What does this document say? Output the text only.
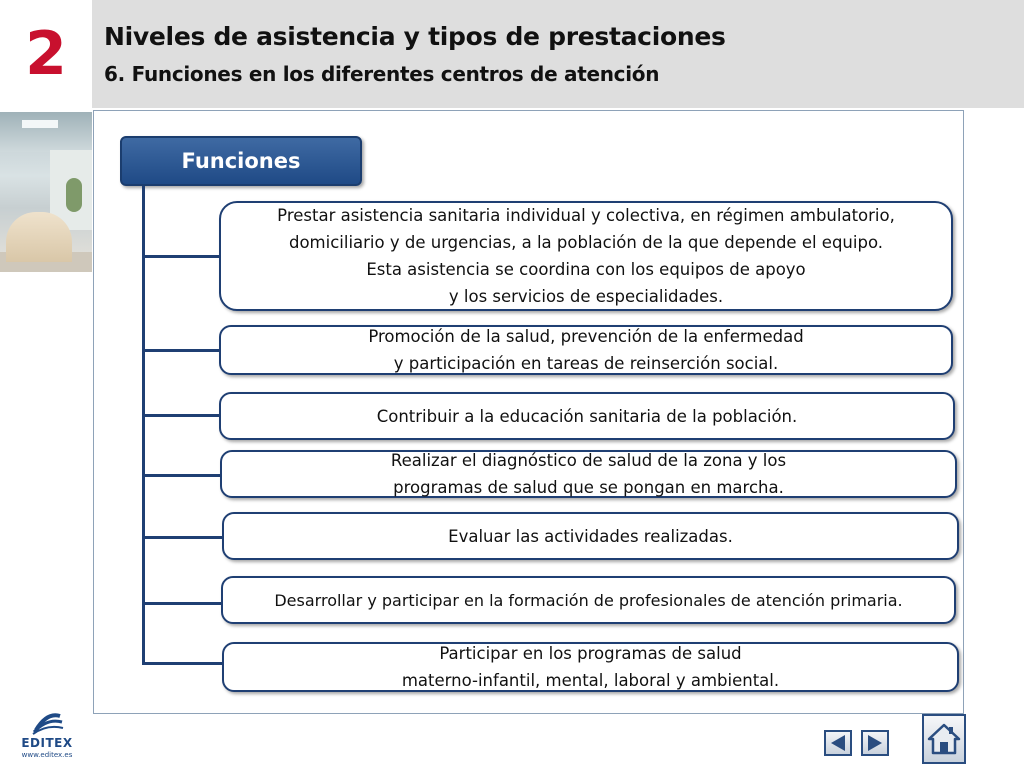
2 Niveles de asistencia y tipos de prestaciones
6. Funciones en los diferentes centros de atención
Funciones
Prestar asistencia sanitaria individual y colectiva, en régimen ambulatorio,
domiciliario y de urgencias, a la población de la que depende el equipo.
Esta asistencia se coordina con los equipos de apoyo
y los servicios de especialidades.
Promoción de la salud, prevención de la enfermedad
y participación en tareas de reinserción social.
Contribuir a la educación sanitaria de la población.
Realizar el diagnóstico de salud de la zona y los
programas de salud que se pongan en marcha.
Evaluar las actividades realizadas.
Desarrollar y participar en la formación de profesionales de atención primaria.
Participar en los programas de salud
materno-infantil, mental, laboral y ambiental.
EDITEX
www.editex.es
